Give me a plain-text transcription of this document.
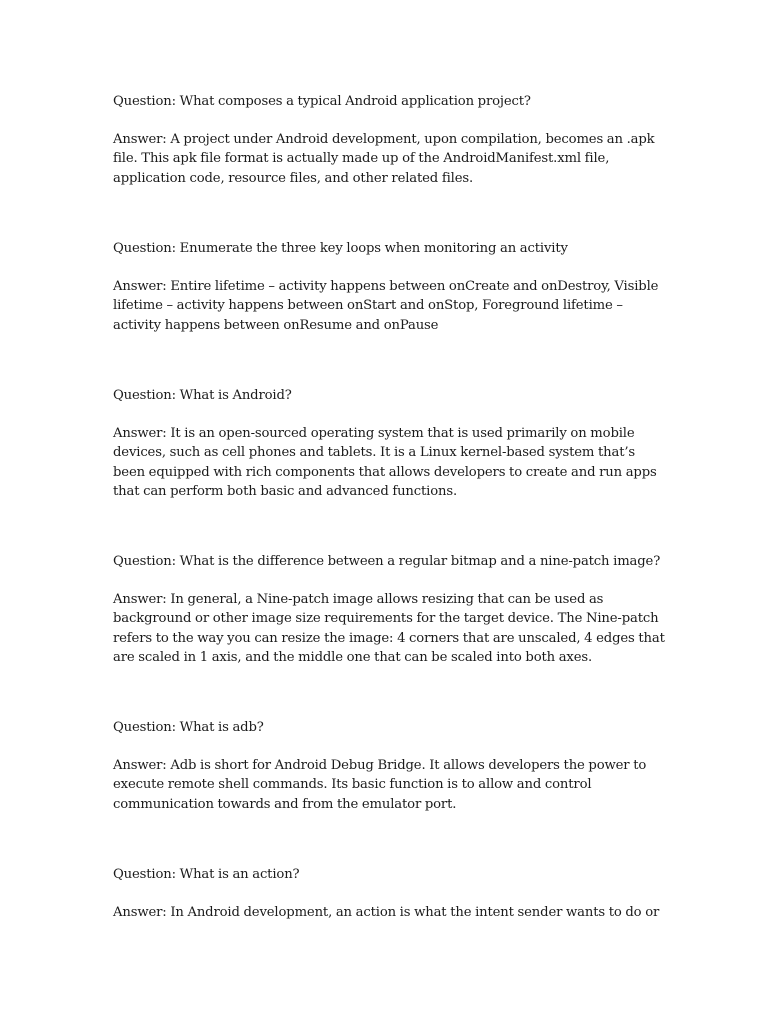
Question: What composes a typical Android application project?

Answer: A project under Android development, upon compilation, becomes an .apk file. This apk file format is actually made up of the AndroidManifest.xml file, application code, resource files, and other related files.

Question: Enumerate the three key loops when monitoring an activity

Answer: Entire lifetime – activity happens between onCreate and onDestroy, Visible lifetime – activity happens between onStart and onStop, Foreground lifetime – activity happens between onResume and onPause

Question: What is Android?

Answer: It is an open-sourced operating system that is used primarily on mobile devices, such as cell phones and tablets. It is a Linux kernel-based system that’s been equipped with rich components that allows developers to create and run apps that can perform both basic and advanced functions.

Question: What is the difference between a regular bitmap and a nine-patch image?

Answer: In general, a Nine-patch image allows resizing that can be used as background or other image size requirements for the target device. The Nine-patch refers to the way you can resize the image: 4 corners that are unscaled, 4 edges that are scaled in 1 axis, and the middle one that can be scaled into both axes.

Question: What is adb?

Answer: Adb is short for Android Debug Bridge. It allows developers the power to execute remote shell commands. Its basic function is to allow and control communication towards and from the emulator port.

Question: What is an action?

Answer: In Android development, an action is what the intent sender wants to do or
